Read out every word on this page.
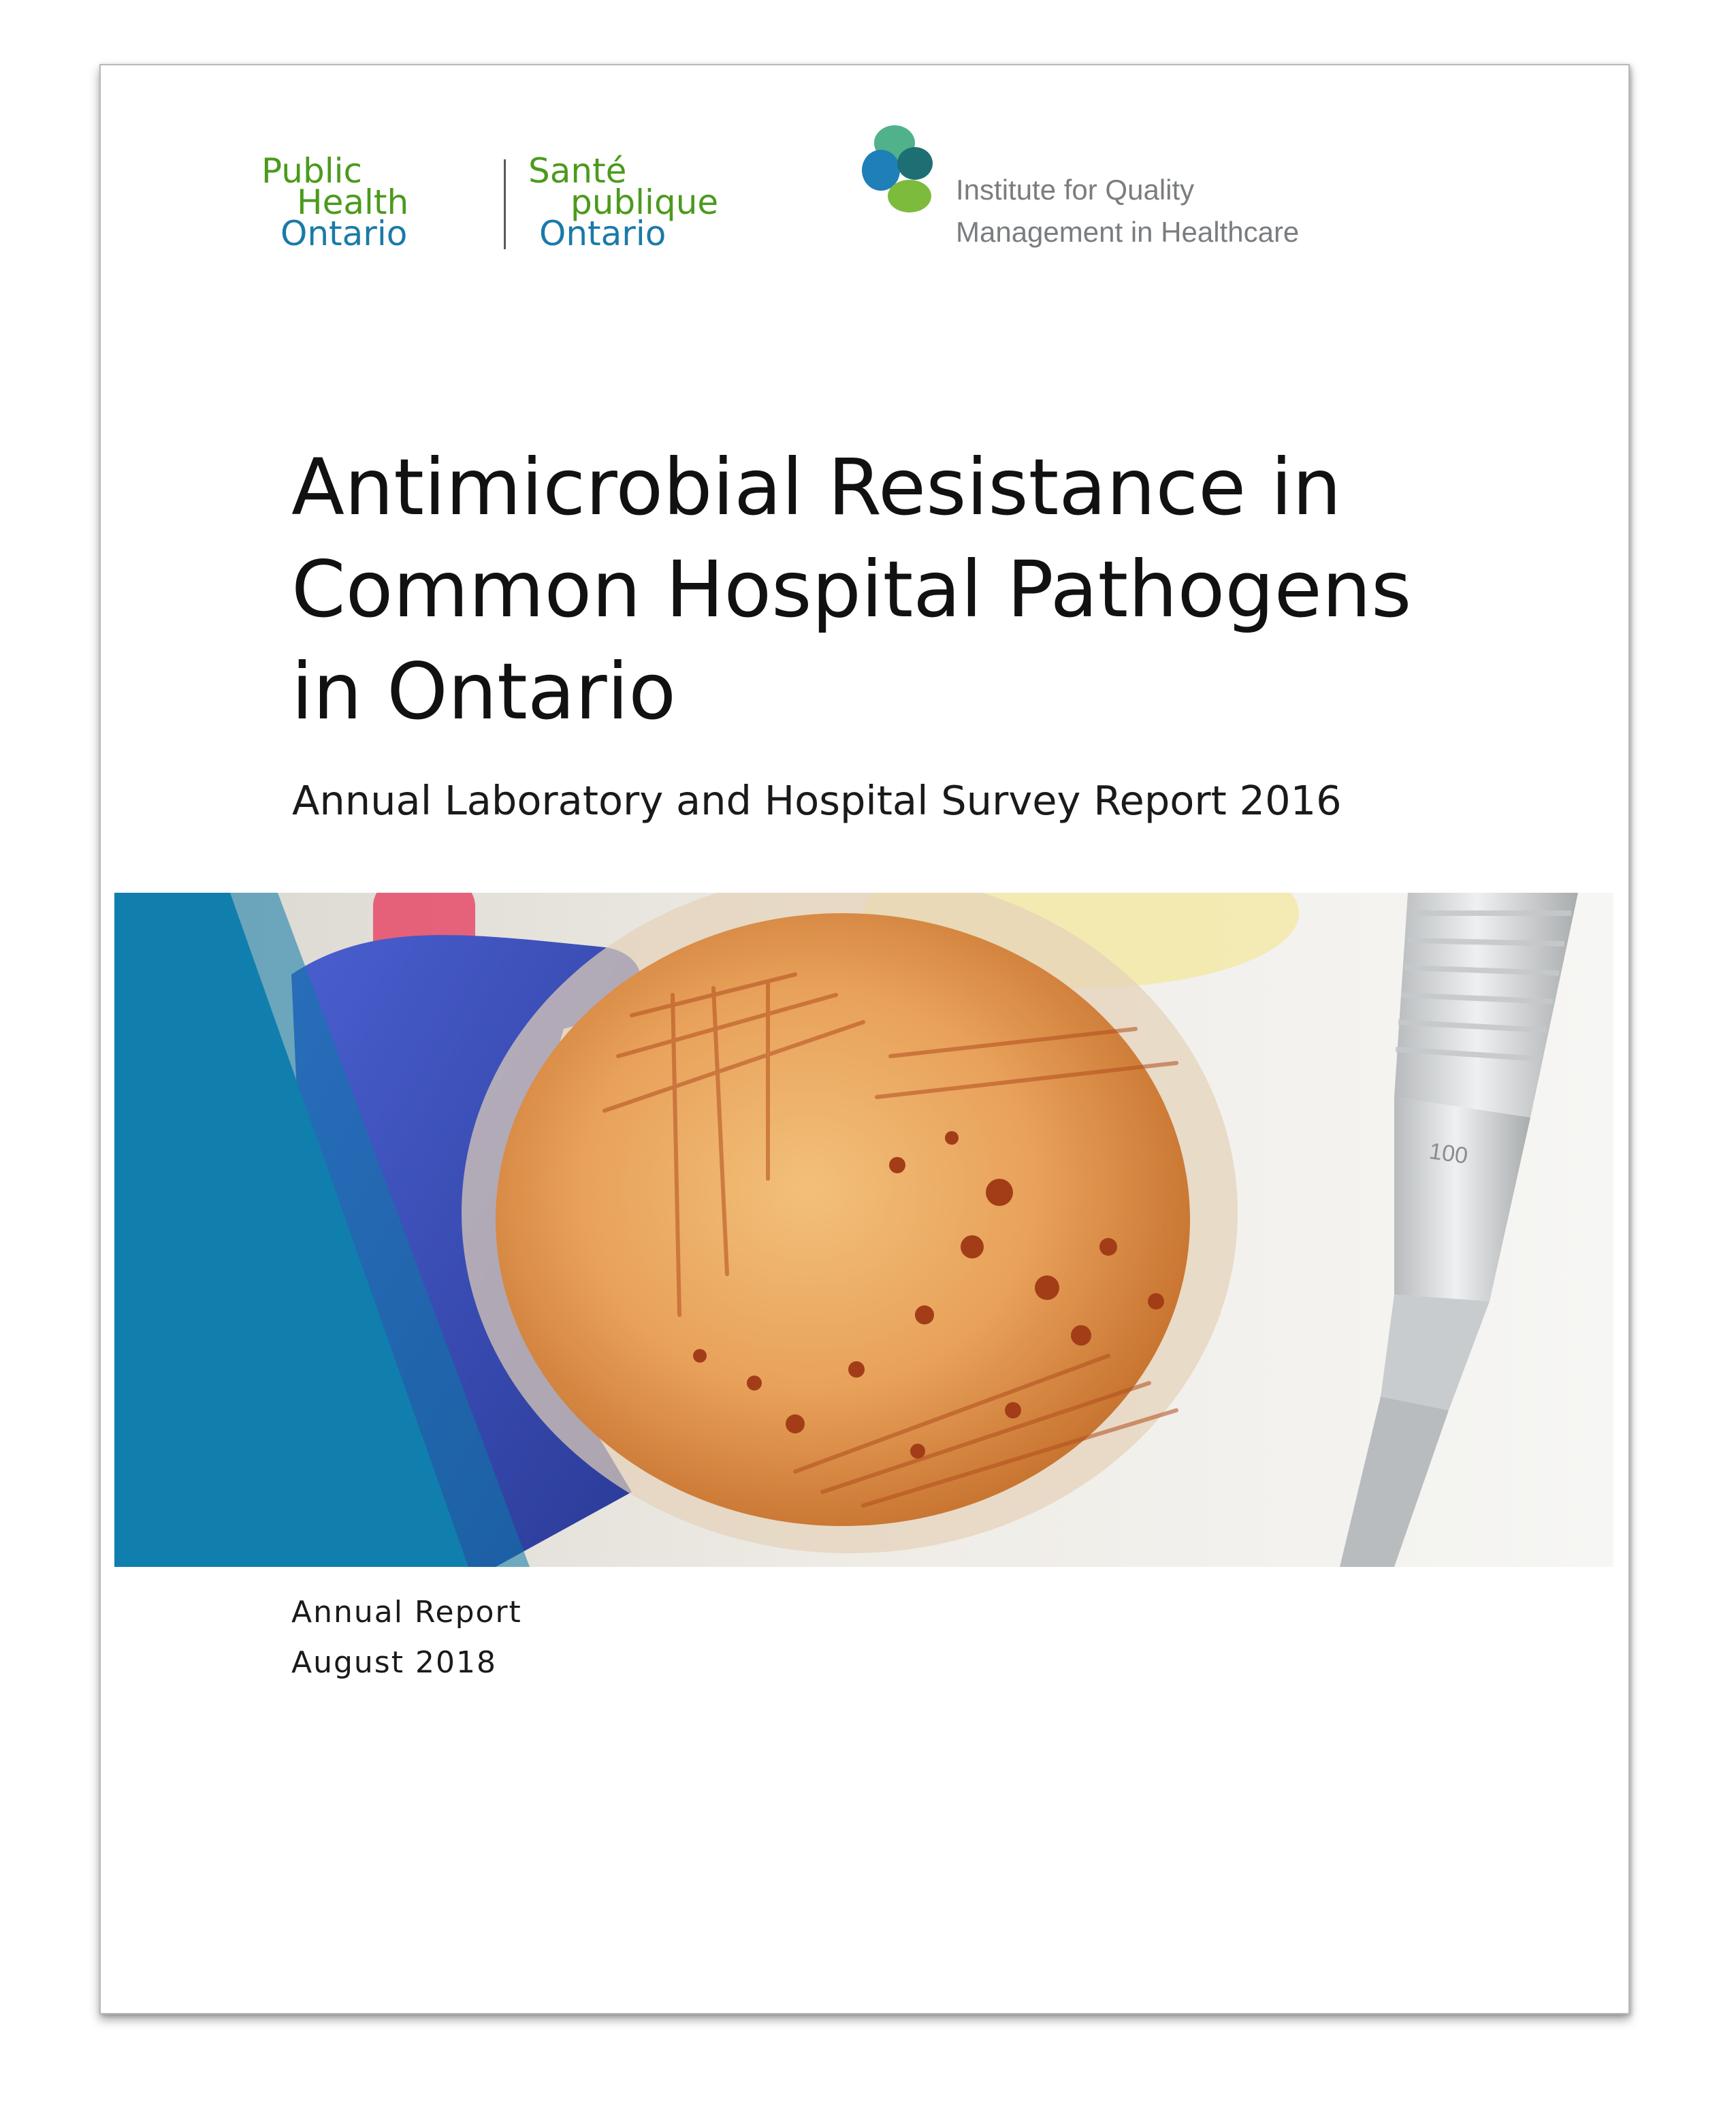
Public
Health
Ontario
Santé
publique
Ontario
Institute for Quality
Management in Healthcare
Antimicrobial Resistance in
Common Hospital Pathogens
in Ontario
Annual Laboratory and Hospital Survey Report 2016
100
Annual Report
August 2018
